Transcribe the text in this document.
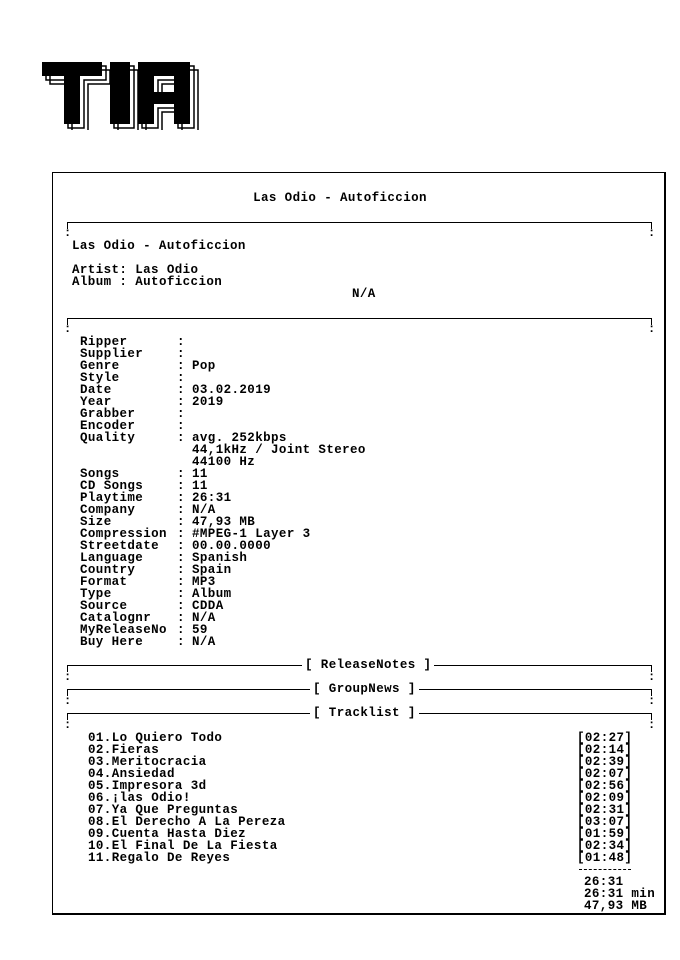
Las Odio - Autoficcion
:	:
Las Odio - Autoficcion
Artist: Las Odio
Album : Autoficcion
N/A
:	:
Ripper	:
Supplier	:
Genre	: Pop
Style	:
Date	: 03.02.2019
Year	: 2019
Grabber	:
Encoder	:
Quality	: avg. 252kbps
44,1kHz / Joint Stereo
44100 Hz
Songs	: 11
CD Songs	: 11
Playtime	: 26:31
Company	: N/A
Size	: 47,93 MB
Compression : #MPEG-1 Layer 3
Streetdate : 00.00.0000
Language	: Spanish
Country	: Spain
Format	: MP3
Type	: Album
Source	: CDDA
Catalognr : N/A
MyReleaseNo : 59
Buy Here	: N/A
:	:
[ ReleaseNotes ]
:	:
[ GroupNews ]
:	:
[ Tracklist ]
01.Lo Quiero Todo	[02:27]
02.Fieras	[02:14]
03.Meritocracia	[02:39]
04.Ansiedad	[02:07]
05.Impresora 3d	[02:56]
06.¡las Odio!	[02:09]
07.Ya Que Preguntas	[02:31]
08.El Derecho A La Pereza	[03:07]
09.Cuenta Hasta Diez	[01:59]
10.El Final De La Fiesta	[02:34]
11.Regalo De Reyes	[01:48]
26:31
26:31 min
47,93 MB
